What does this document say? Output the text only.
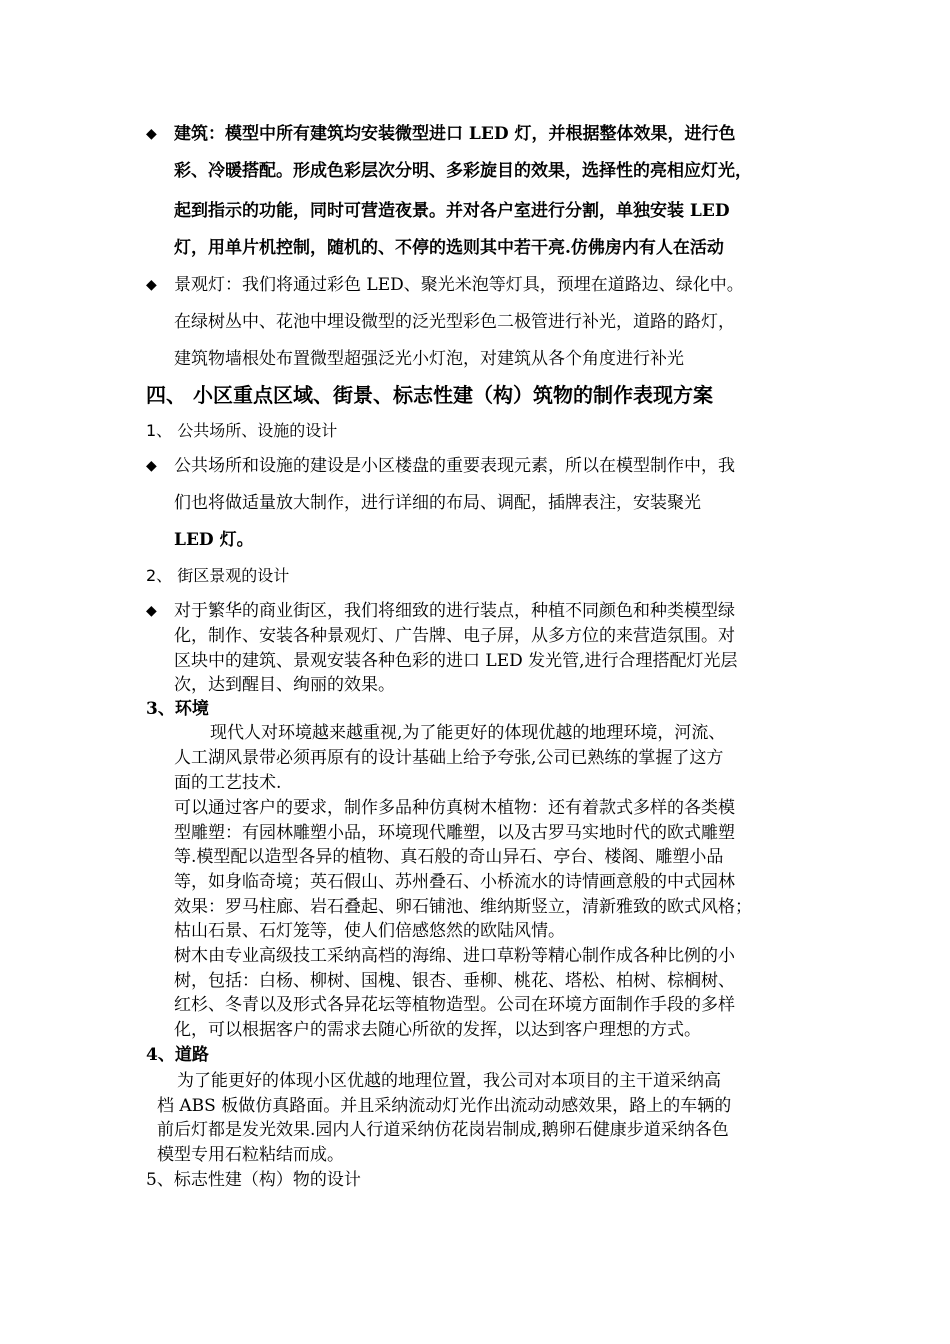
◆ 建筑：模型中所有建筑均安装微型进口 LED 灯，并根据整体效果，进行色
彩、冷暖搭配。形成色彩层次分明、多彩旋目的效果，选择性的亮相应灯光，
起到指示的功能，同时可营造夜景。并对各户室进行分割，单独安装 LED
灯，用单片机控制，随机的、不停的选则其中若干亮.仿佛房内有人在活动
◆ 景观灯：我们将通过彩色 LED、聚光米泡等灯具，预埋在道路边、绿化中。
在绿树丛中、花池中埋设微型的泛光型彩色二极管进行补光，道路的路灯，
建筑物墙根处布置微型超强泛光小灯泡，对建筑从各个角度进行补光
四、 小区重点区域、街景、标志性建（构）筑物的制作表现方案
1、 公共场所、设施的设计
◆ 公共场所和设施的建设是小区楼盘的重要表现元素，所以在模型制作中，我
们也将做适量放大制作，进行详细的布局、调配，插牌表注，安装聚光
LED 灯。
2、 街区景观的设计
◆ 对于繁华的商业街区，我们将细致的进行装点，种植不同颜色和种类模型绿
化，制作、安装各种景观灯、广告牌、电子屏，从多方位的来营造氛围。对
区块中的建筑、景观安装各种色彩的进口 LED 发光管,进行合理搭配灯光层
次，达到醒目、绚丽的效果。
3、环境
现代人对环境越来越重视,为了能更好的体现优越的地理环境，河流、
人工湖风景带必须再原有的设计基础上给予夸张,公司已熟练的掌握了这方
面的工艺技术.
可以通过客户的要求，制作多品种仿真树木植物：还有着款式多样的各类模
型雕塑：有园林雕塑小品，环境现代雕塑，以及古罗马实地时代的欧式雕塑
等.模型配以造型各异的植物、真石般的奇山异石、亭台、楼阁、雕塑小品
等，如身临奇境；英石假山、苏州叠石、小桥流水的诗情画意般的中式园林
效果：罗马柱廊、岩石叠起、卵石铺池、维纳斯竖立，清新雅致的欧式风格；
枯山石景、石灯笼等，使人们倍感悠然的欧陆风情。
树木由专业高级技工采纳高档的海绵、进口草粉等精心制作成各种比例的小
树，包括：白杨、柳树、国槐、银杏、垂柳、桃花、塔松、柏树、棕榈树、
红杉、冬青以及形式各异花坛等植物造型。公司在环境方面制作手段的多样
化，可以根据客户的需求去随心所欲的发挥，以达到客户理想的方式。
4、道路
为了能更好的体现小区优越的地理位置，我公司对本项目的主干道采纳高
档 ABS 板做仿真路面。并且采纳流动灯光作出流动动感效果，路上的车辆的
前后灯都是发光效果.园内人行道采纳仿花岗岩制成,鹅卵石健康步道采纳各色
模型专用石粒粘结而成。
5、标志性建（构）物的设计
